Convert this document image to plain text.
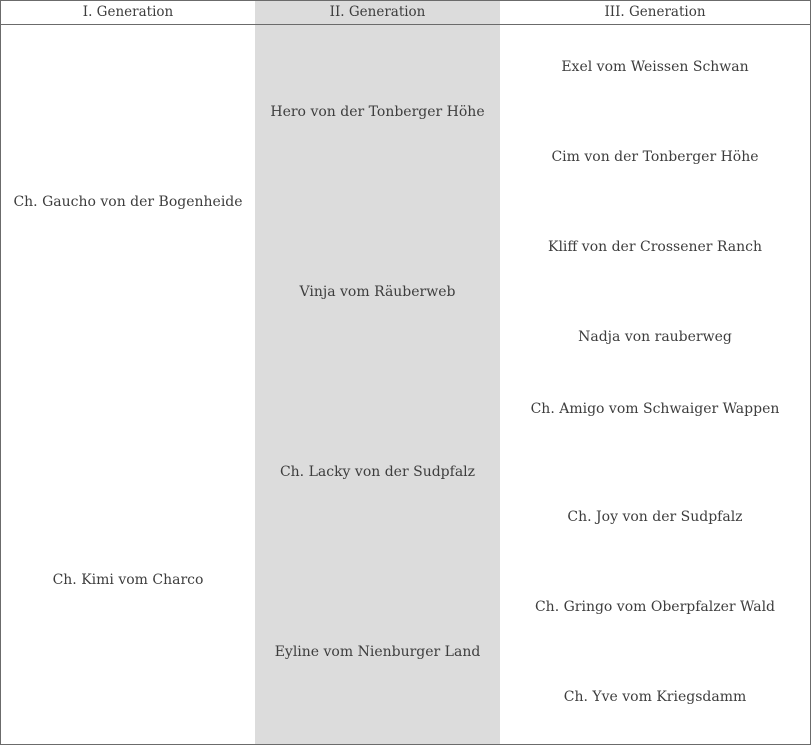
I. Generation	II. Generation	III. Generation
Ch. Gaucho von der Bogenheide
Ch. Kimi vom Charco
Hero von der Tonberger Höhe
Vinja vom Räuberweb
Ch. Lacky von der Sudpfalz
Eyline vom Nienburger Land
Exel vom Weissen Schwan
Cim von der Tonberger Höhe
Kliff von der Crossener Ranch
Nadja von rauberweg
Ch. Amigo vom Schwaiger Wappen
Ch. Joy von der Sudpfalz
Ch. Gringo vom Oberpfalzer Wald
Ch. Yve vom Kriegsdamm
